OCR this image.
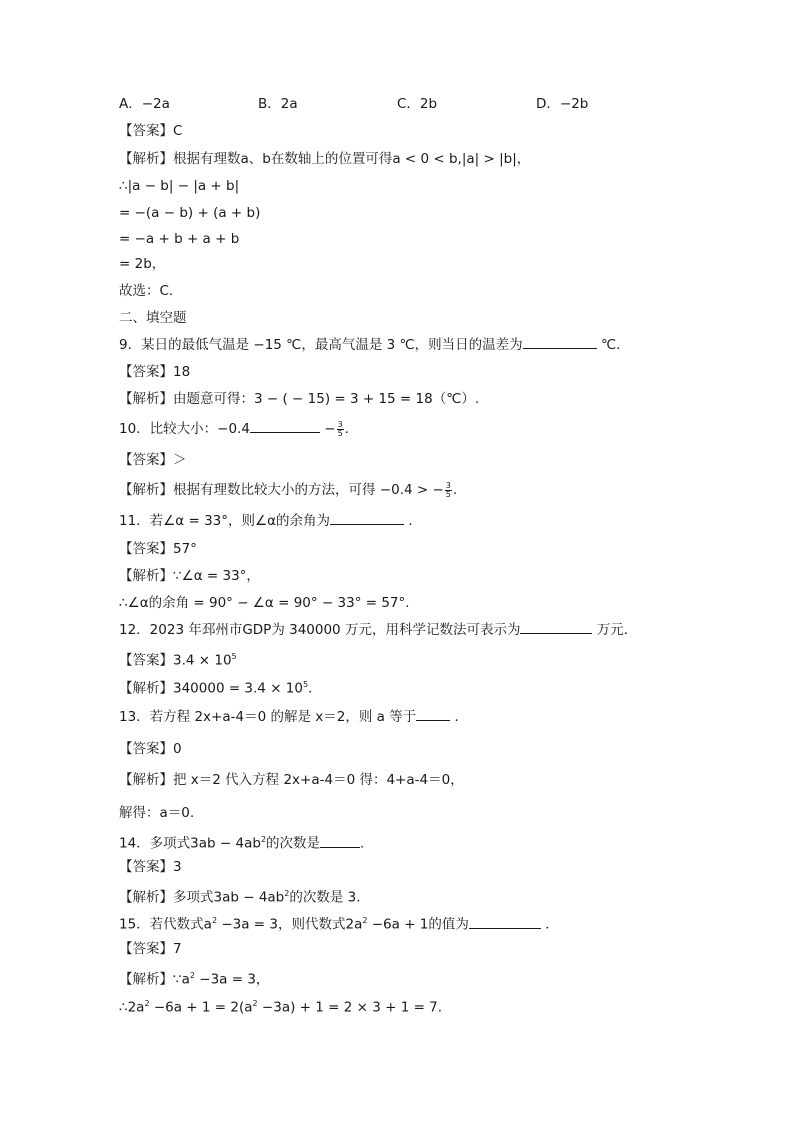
A．−2a	B．2a	C．2b	D．−2b
【答案】C
【解析】根据有理数a、b在数轴上的位置可得a < 0 < b,|a| > |b|，
∴|a − b| − |a + b|
= −(a − b) + (a + b)
= −a + b + a + b
= 2b，
故选：C．
二、填空题
9．某日的最低气温是 −15 ℃，最高气温是 3 ℃，则当日的温差为	℃．
【答案】18
【解析】由题意可得：3 − ( − 15) = 3 + 15 = 18（℃）.
10．比较大小：−0.4	− $\frac{3}{5}$ .
【答案】＞
【解析】根据有理数比较大小的方法，可得 −0.4 > − $\frac{3}{5}$ .
11．若∠α = 33°，则∠α的余角为	．
【答案】57°
【解析】∵∠α = 33°，
∴∠α的余角 = 90° − ∠α = 90° − 33° = 57°.
12．2023 年邳州市GDP为 340000 万元，用科学记数法可表示为	万元．
【答案】$3.4 \times 10^5$
【解析】$340000 = 3.4 \times 10^5$．
13．若方程 2x+a-4＝0 的解是 x＝2，则 a 等于	．
【答案】0
【解析】把 x＝2 代入方程 2x+a-4＝0 得：4+a-4＝0，
解得：a＝0.
14．多项式$3ab - 4ab^2$的次数是	.
【答案】3
【解析】多项式$3ab - 4ab^2$的次数是 3.
15．若代数式$a^2 -3a = 3$，则代数式$2a^2 -6a + 1$的值为	．
【答案】7
【解析】$\because a^2 -3a = 3$，
$\therefore 2a^2 -6a + 1 = 2(a^2 -3a) + 1 = 2 \times 3 + 1 = 7$.
